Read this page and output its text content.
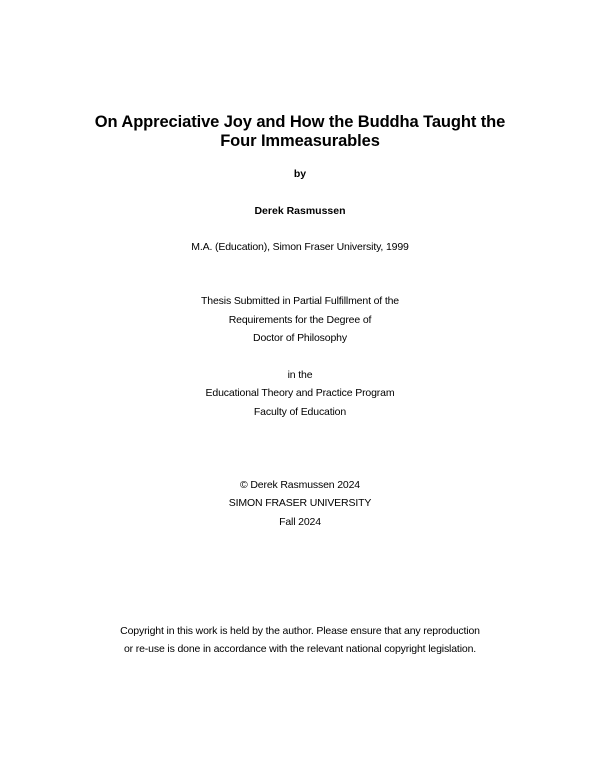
On Appreciative Joy and How the Buddha Taught the
Four Immeasurables
by
Derek Rasmussen
M.A. (Education), Simon Fraser University, 1999
Thesis Submitted in Partial Fulfillment of the
Requirements for the Degree of
Doctor of Philosophy
in the
Educational Theory and Practice Program
Faculty of Education
© Derek Rasmussen 2024
SIMON FRASER UNIVERSITY
Fall 2024
Copyright in this work is held by the author. Please ensure that any reproduction
or re-use is done in accordance with the relevant national copyright legislation.
